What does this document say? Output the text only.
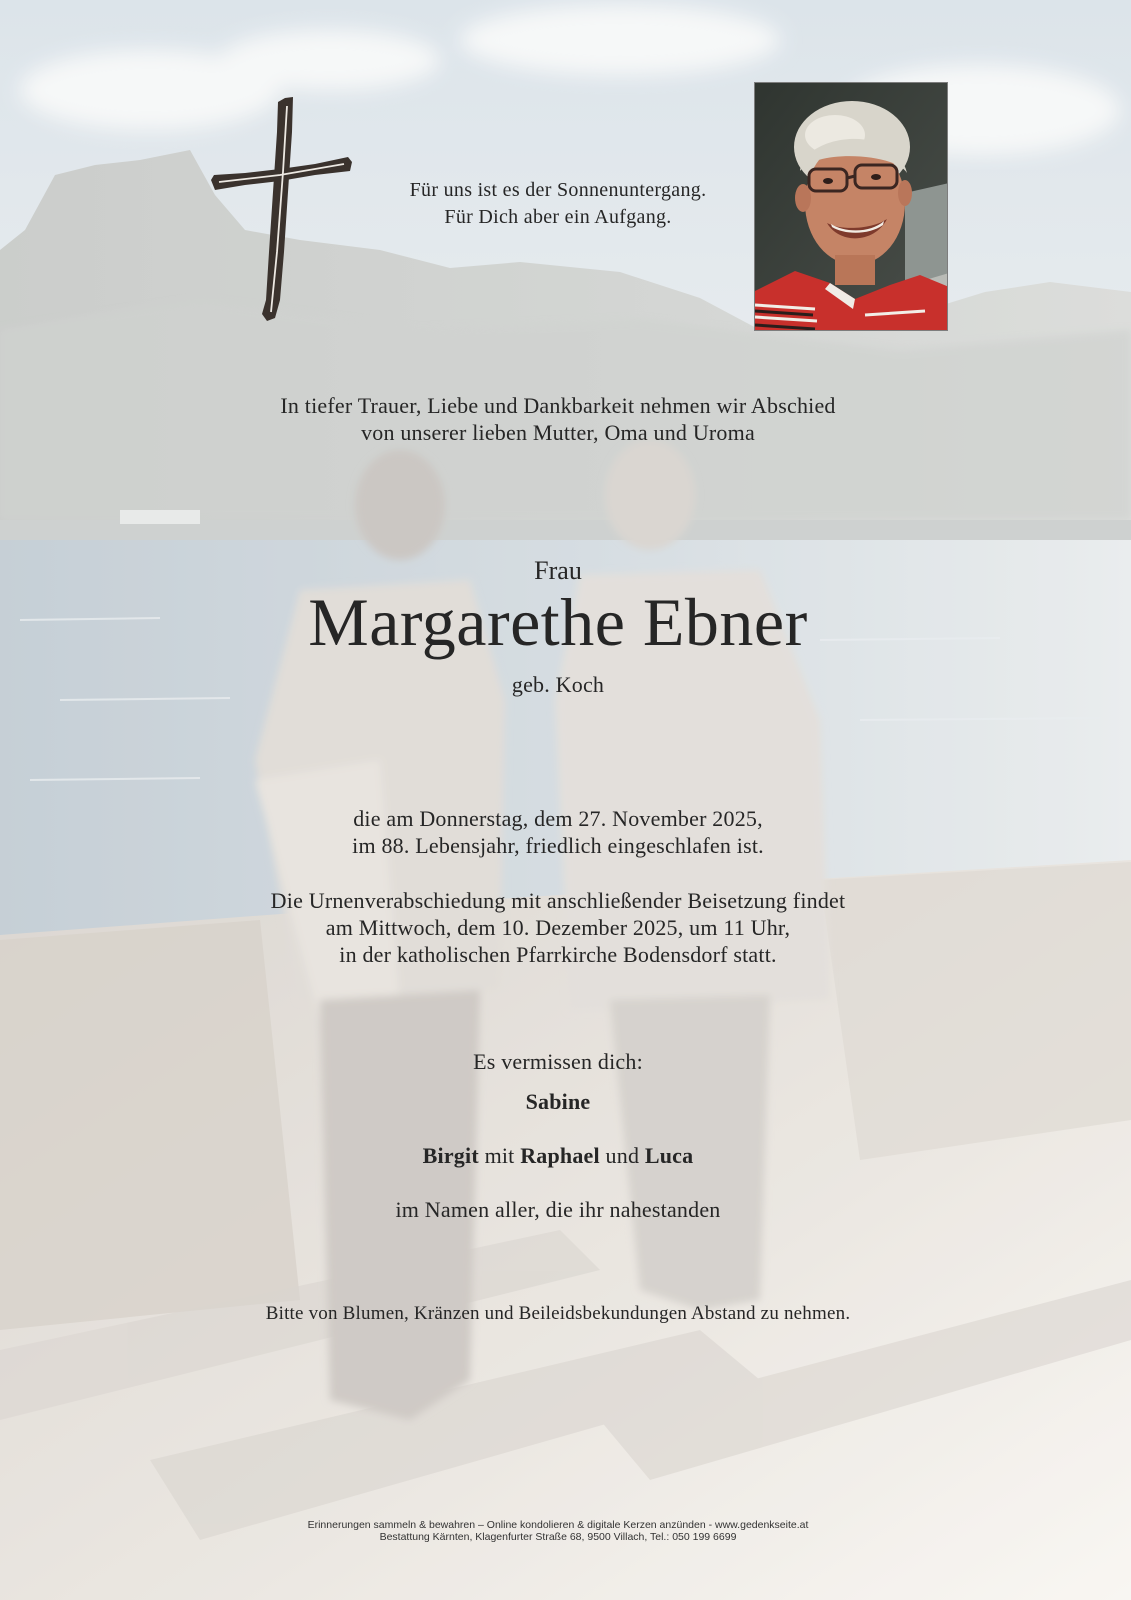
Für uns ist es der Sonnenuntergang.
Für Dich aber ein Aufgang.
In tiefer Trauer, Liebe und Dankbarkeit nehmen wir Abschied
von unserer lieben Mutter, Oma und Uroma
Frau
Margarethe Ebner
geb. Koch
die am Donnerstag, dem 27. November 2025,
im 88. Lebensjahr, friedlich eingeschlafen ist.
Die Urnenverabschiedung mit anschließender Beisetzung findet
am Mittwoch, dem 10. Dezember 2025, um 11 Uhr,
in der katholischen Pfarrkirche Bodensdorf statt.
Es vermissen dich:
Sabine
Birgit mit Raphael und Luca
im Namen aller, die ihr nahestanden
Bitte von Blumen, Kränzen und Beileidsbekundungen Abstand zu nehmen.
Erinnerungen sammeln & bewahren – Online kondolieren & digitale Kerzen anzünden - www.gedenkseite.at
Bestattung Kärnten, Klagenfurter Straße 68, 9500 Villach, Tel.: 050 199 6699
